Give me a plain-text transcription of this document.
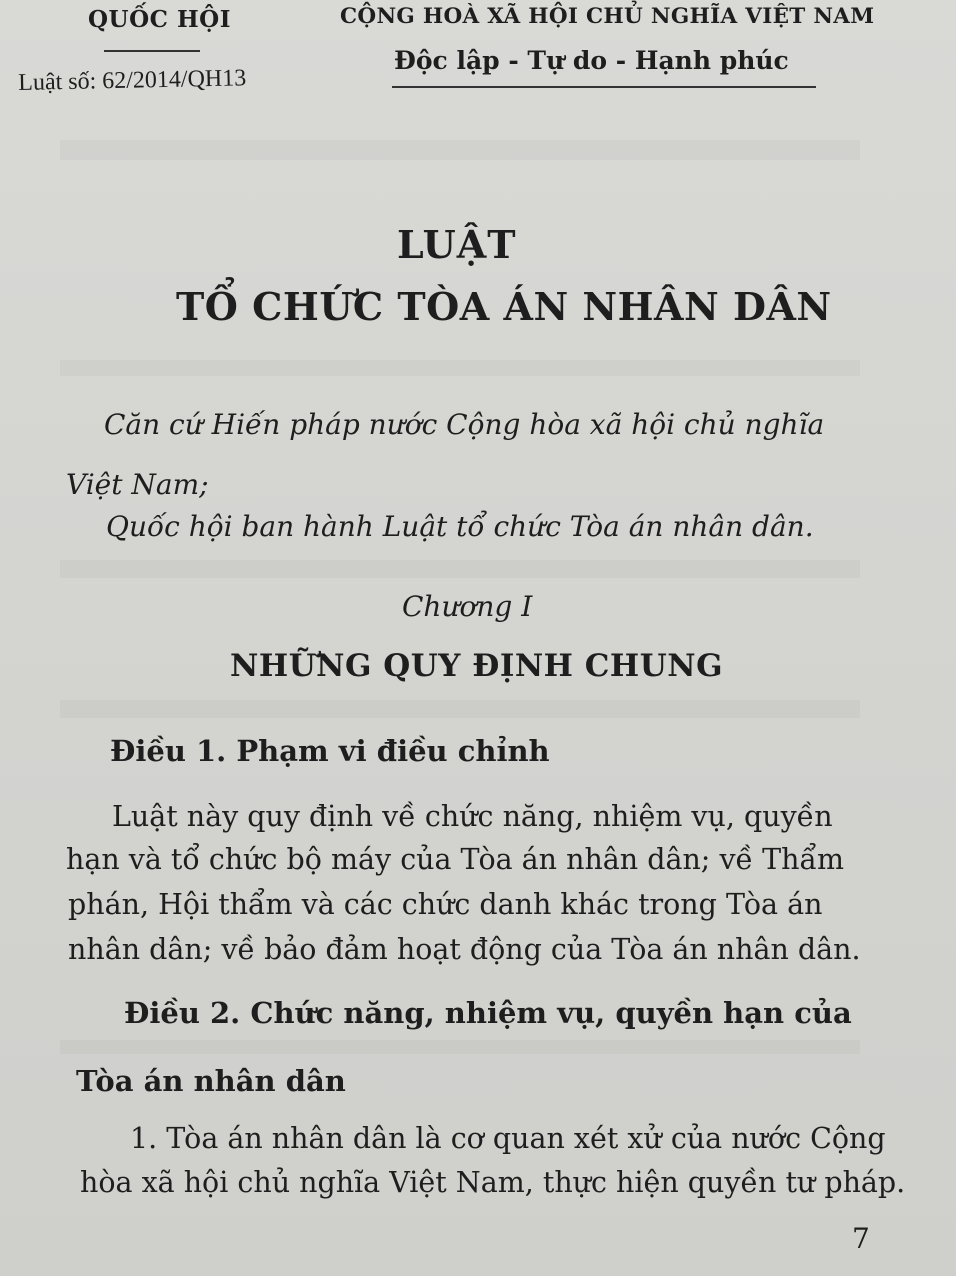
QUỐC HỘI
Luật số: 62/2014/QH13
CỘNG HOÀ XÃ HỘI CHỦ NGHĨA VIỆT NAM
Độc lập - Tự do - Hạnh phúc
LUẬT
TỔ CHỨC TÒA ÁN NHÂN DÂN
Căn cứ Hiến pháp nước Cộng hòa xã hội chủ nghĩa
Việt Nam;
Quốc hội ban hành Luật tổ chức Tòa án nhân dân.
Chương I
NHỮNG QUY ĐỊNH CHUNG
Điều 1. Phạm vi điều chỉnh
Luật này quy định về chức năng, nhiệm vụ, quyền
hạn và tổ chức bộ máy của Tòa án nhân dân; về Thẩm
phán, Hội thẩm và các chức danh khác trong Tòa án
nhân dân; về bảo đảm hoạt động của Tòa án nhân dân.
Điều 2. Chức năng, nhiệm vụ, quyền hạn của
Tòa án nhân dân
1. Tòa án nhân dân là cơ quan xét xử của nước Cộng
hòa xã hội chủ nghĩa Việt Nam, thực hiện quyền tư pháp.
7
